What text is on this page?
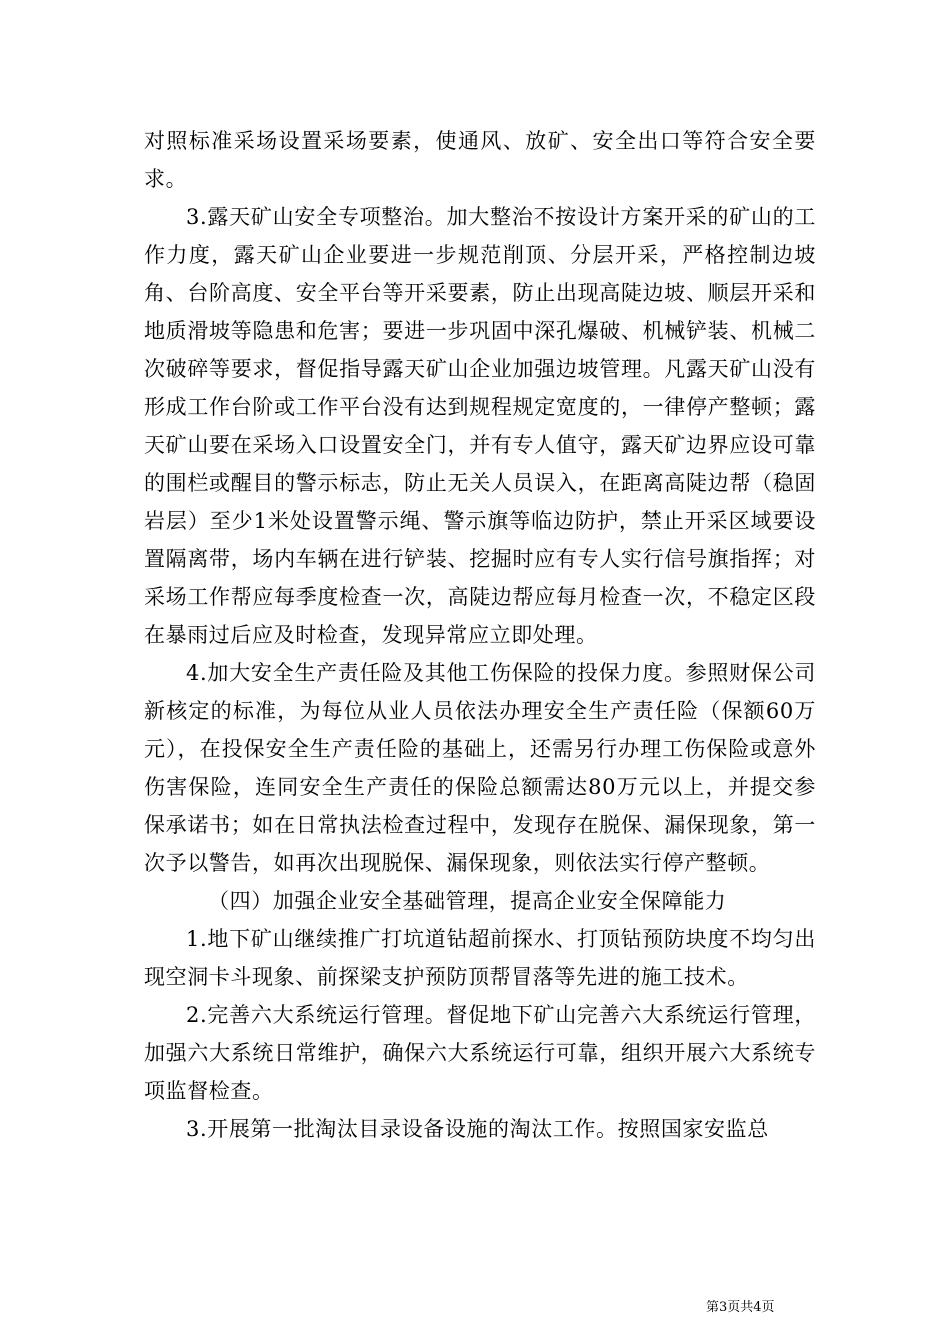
对照标准采场设置采场要素，使通风、放矿、安全出口等符合安全要求。

3.露天矿山安全专项整治。加大整治不按设计方案开采的矿山的工作力度，露天矿山企业要进一步规范削顶、分层开采，严格控制边坡角、台阶高度、安全平台等开采要素，防止出现高陡边坡、顺层开采和地质滑坡等隐患和危害；要进一步巩固中深孔爆破、机械铲装、机械二次破碎等要求，督促指导露天矿山企业加强边坡管理。凡露天矿山没有形成工作台阶或工作平台没有达到规程规定宽度的，一律停产整顿；露天矿山要在采场入口设置安全门，并有专人值守，露天矿边界应设可靠的围栏或醒目的警示标志，防止无关人员误入，在距离高陡边帮（稳固岩层）至少1米处设置警示绳、警示旗等临边防护，禁止开采区域要设置隔离带，场内车辆在进行铲装、挖掘时应有专人实行信号旗指挥；对采场工作帮应每季度检查一次，高陡边帮应每月检查一次，不稳定区段在暴雨过后应及时检查，发现异常应立即处理。

4.加大安全生产责任险及其他工伤保险的投保力度。参照财保公司新核定的标准，为每位从业人员依法办理安全生产责任险（保额60万元），在投保安全生产责任险的基础上，还需另行办理工伤保险或意外伤害保险，连同安全生产责任的保险总额需达80万元以上，并提交参保承诺书；如在日常执法检查过程中，发现存在脱保、漏保现象，第一次予以警告，如再次出现脱保、漏保现象，则依法实行停产整顿。

（四）加强企业安全基础管理，提高企业安全保障能力

1.地下矿山继续推广打坑道钻超前探水、打顶钻预防块度不均匀出现空洞卡斗现象、前探梁支护预防顶帮冒落等先进的施工技术。

2.完善六大系统运行管理。督促地下矿山完善六大系统运行管理，加强六大系统日常维护，确保六大系统运行可靠，组织开展六大系统专项监督检查。

3.开展第一批淘汰目录设备设施的淘汰工作。按照国家安监总

第3页共4页
